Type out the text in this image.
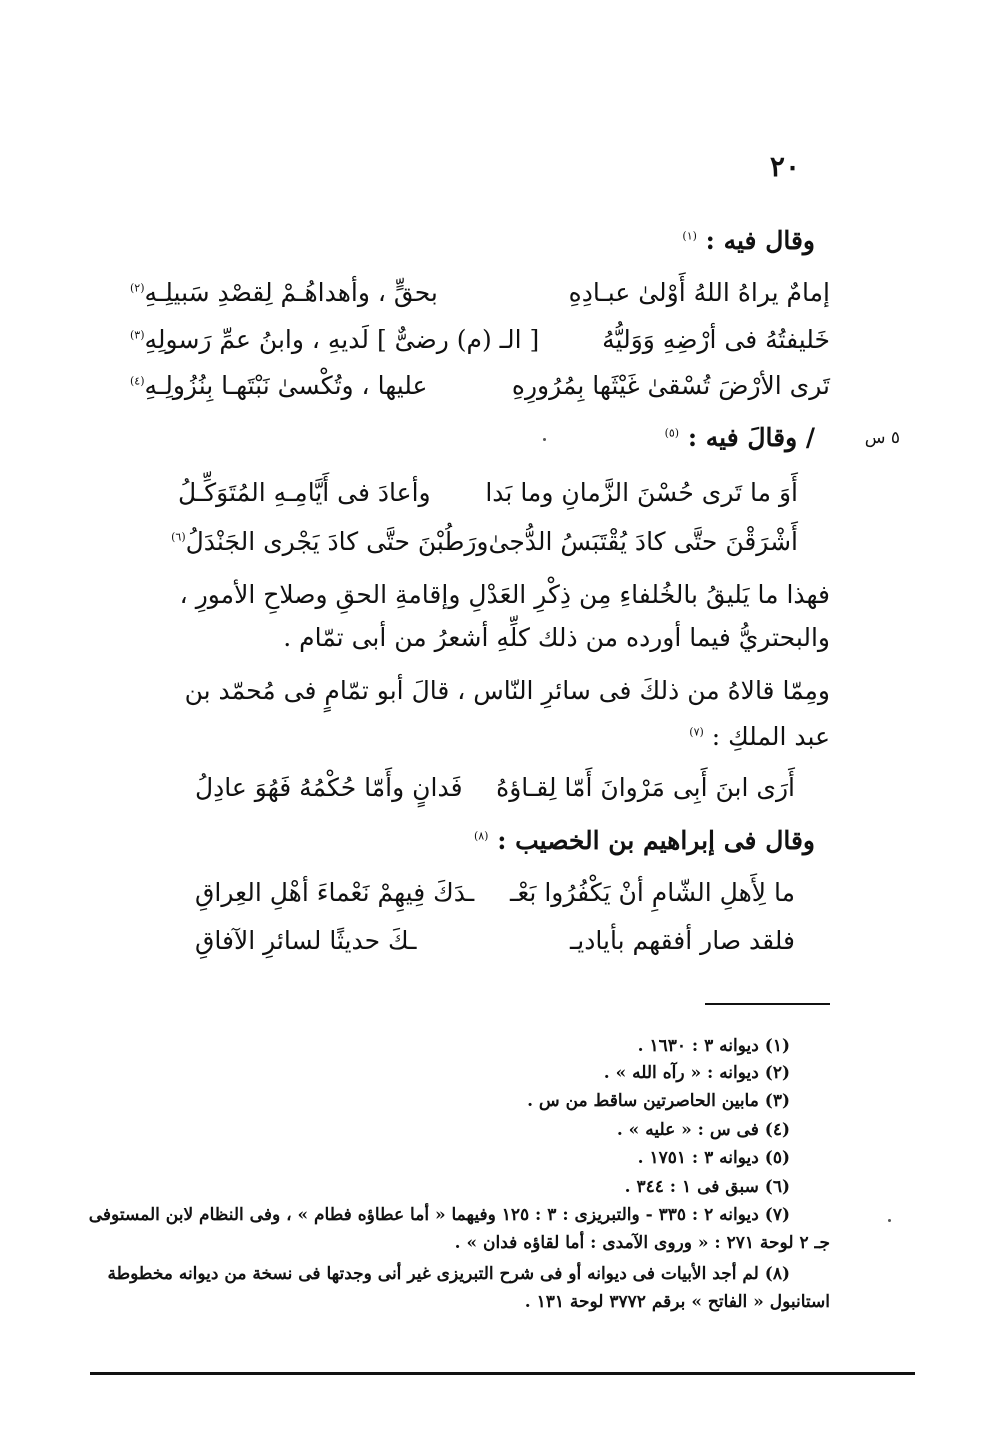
٢٠
وقال فيه : $^{(١)}$
إمامٌ يراهُ اللهُ أَوْلىٰ عبـادِهِ
بحقٍّ ، وأهداهُـمْ لِقصْدِ سَبيلِـهِ$^{(٢)}$
خَليفتُهُ فى أرْضِهِ وَوَليُّهُ
[ الـ (م) رضىٌّ ] لَديهِ ، وابنُ عمِّ رَسولِهِ$^{(٣)}$
تَرى الأرْضَ تُسْقىٰ غَيْثَها بِمُرُورِهِ
عليها ، وتُكْسىٰ نَبْتَهـا بِنُزُولِـهِ$^{(٤)}$
٥ س
/ وقالَ فيه : $^{(٥)}$
أَوَ ما تَرى حُسْنَ الزَّمانِ وما بَدا
وأعادَ فى أَيَّامِـهِ المُتَوَكِّـلُ
أَشْرَقْنَ حتَّى كادَ يُقْتَبَسُ الدُّجىٰ
ورَطُبْنَ حتَّى كادَ يَجْرى الجَنْدَلُ$^{(٦)}$
فهذا ما يَليقُ بالخُلفاءِ مِن ذِكْرِ العَدْلِ وإقامةِ الحقِ وصلاحِ الأمورِ ،
والبحتريُّ فيما أورده من ذلك كلِّهِ أشعرُ من أبى تمّام .
ومِمّا قالاهُ من ذلكَ فى سائرِ النّاس ، قالَ أبو تمّامٍ فى مُحمّد بن
عبد الملكِ : $^{(٧)}$
أَرَى ابنَ أَبِى مَرْوانَ أَمّا لِقـاؤهُ
فَدانٍ وأَمّا حُكْمُهُ فَهُوَ عادِلُ
وقال فى إبراهيم بن الخصيب : $^{(٨)}$
ما لِأَهلِ الشّامِ أنْ يَكْفُرُوا بَعْـ
ـدَكَ فِيهِمْ نَعْماءَ أهْلِ العِراقِ
فلقد صار أفقهم بأياديـ
ـكَ حديثًا لسائرِ الآفاقِ
(١) ديوانه ٣ : ١٦٣٠ .
(٢) ديوانه : « رآه الله » .
(٣) مابين الحاصرتين ساقط من س .
(٤) فى س : « عليه » .
(٥) ديوانه ٣ : ١٧٥١ .
(٦) سبق فى ١ : ٣٤٤ .
(٧) ديوانه ٢ : ٣٣٥ - والتبريزى : ٣ : ١٢٥ وفيهما « أما عطاؤه فطام » ، وفى النظام لابن المستوفى
جـ ٢ لوحة ٢٧١ : « وروى الآمدى : أما لقاؤه فدان » .
(٨) لم أجد الأبيات فى ديوانه أو فى شرح التبريزى غير أنى وجدتها فى نسخة من ديوانه مخطوطة
استانبول « الفاتح » برقم ٣٧٧٢ لوحة ١٣١ .
